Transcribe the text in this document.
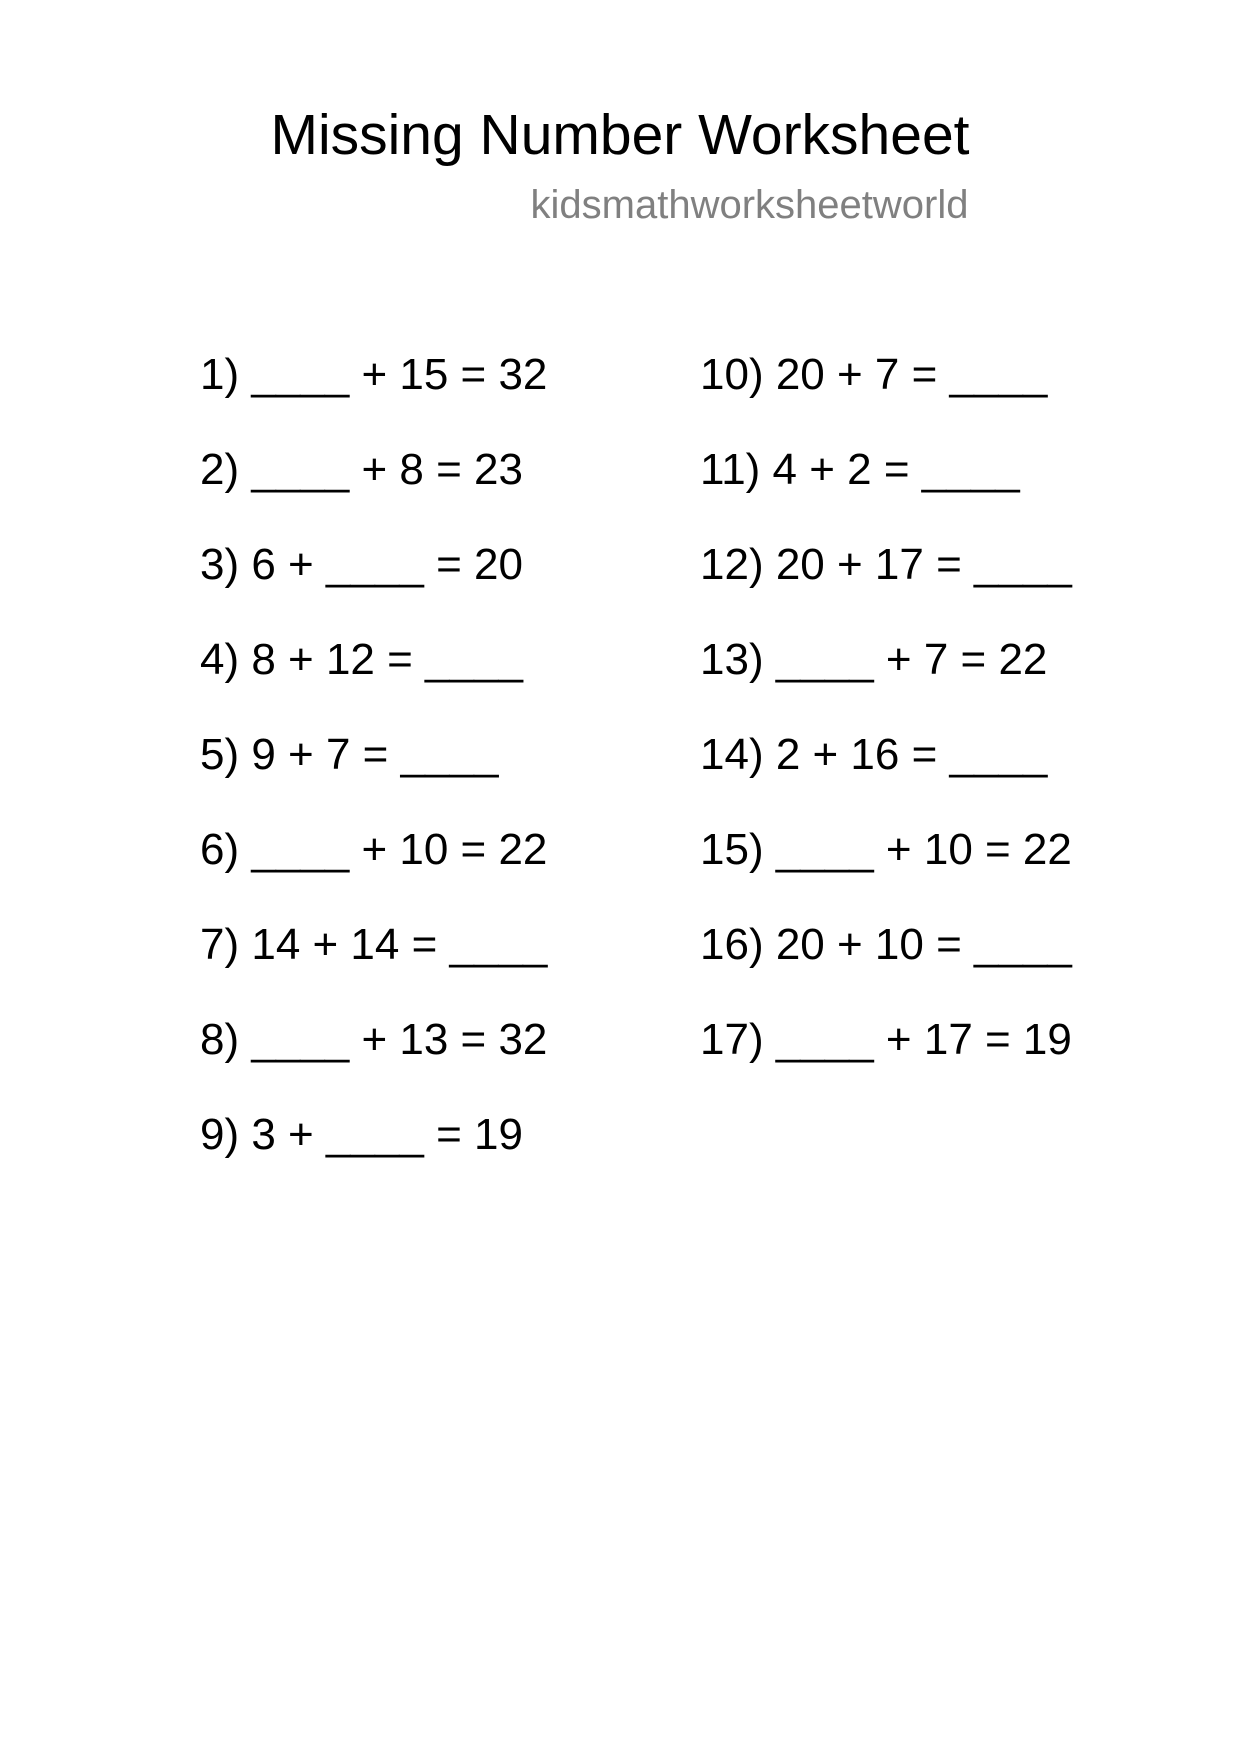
Missing Number Worksheet
kidsmathworksheetworld
1) ____ + 15 = 32
2) ____ + 8 = 23
3) 6 + ____ = 20
4) 8 + 12 = ____
5) 9 + 7 = ____
6) ____ + 10 = 22
7) 14 + 14 = ____
8) ____ + 13 = 32
9) 3 + ____ = 19
10) 20 + 7 = ____
11) 4 + 2 = ____
12) 20 + 17 = ____
13) ____ + 7 = 22
14) 2 + 16 = ____
15) ____ + 10 = 22
16) 20 + 10 = ____
17) ____ + 17 = 19
